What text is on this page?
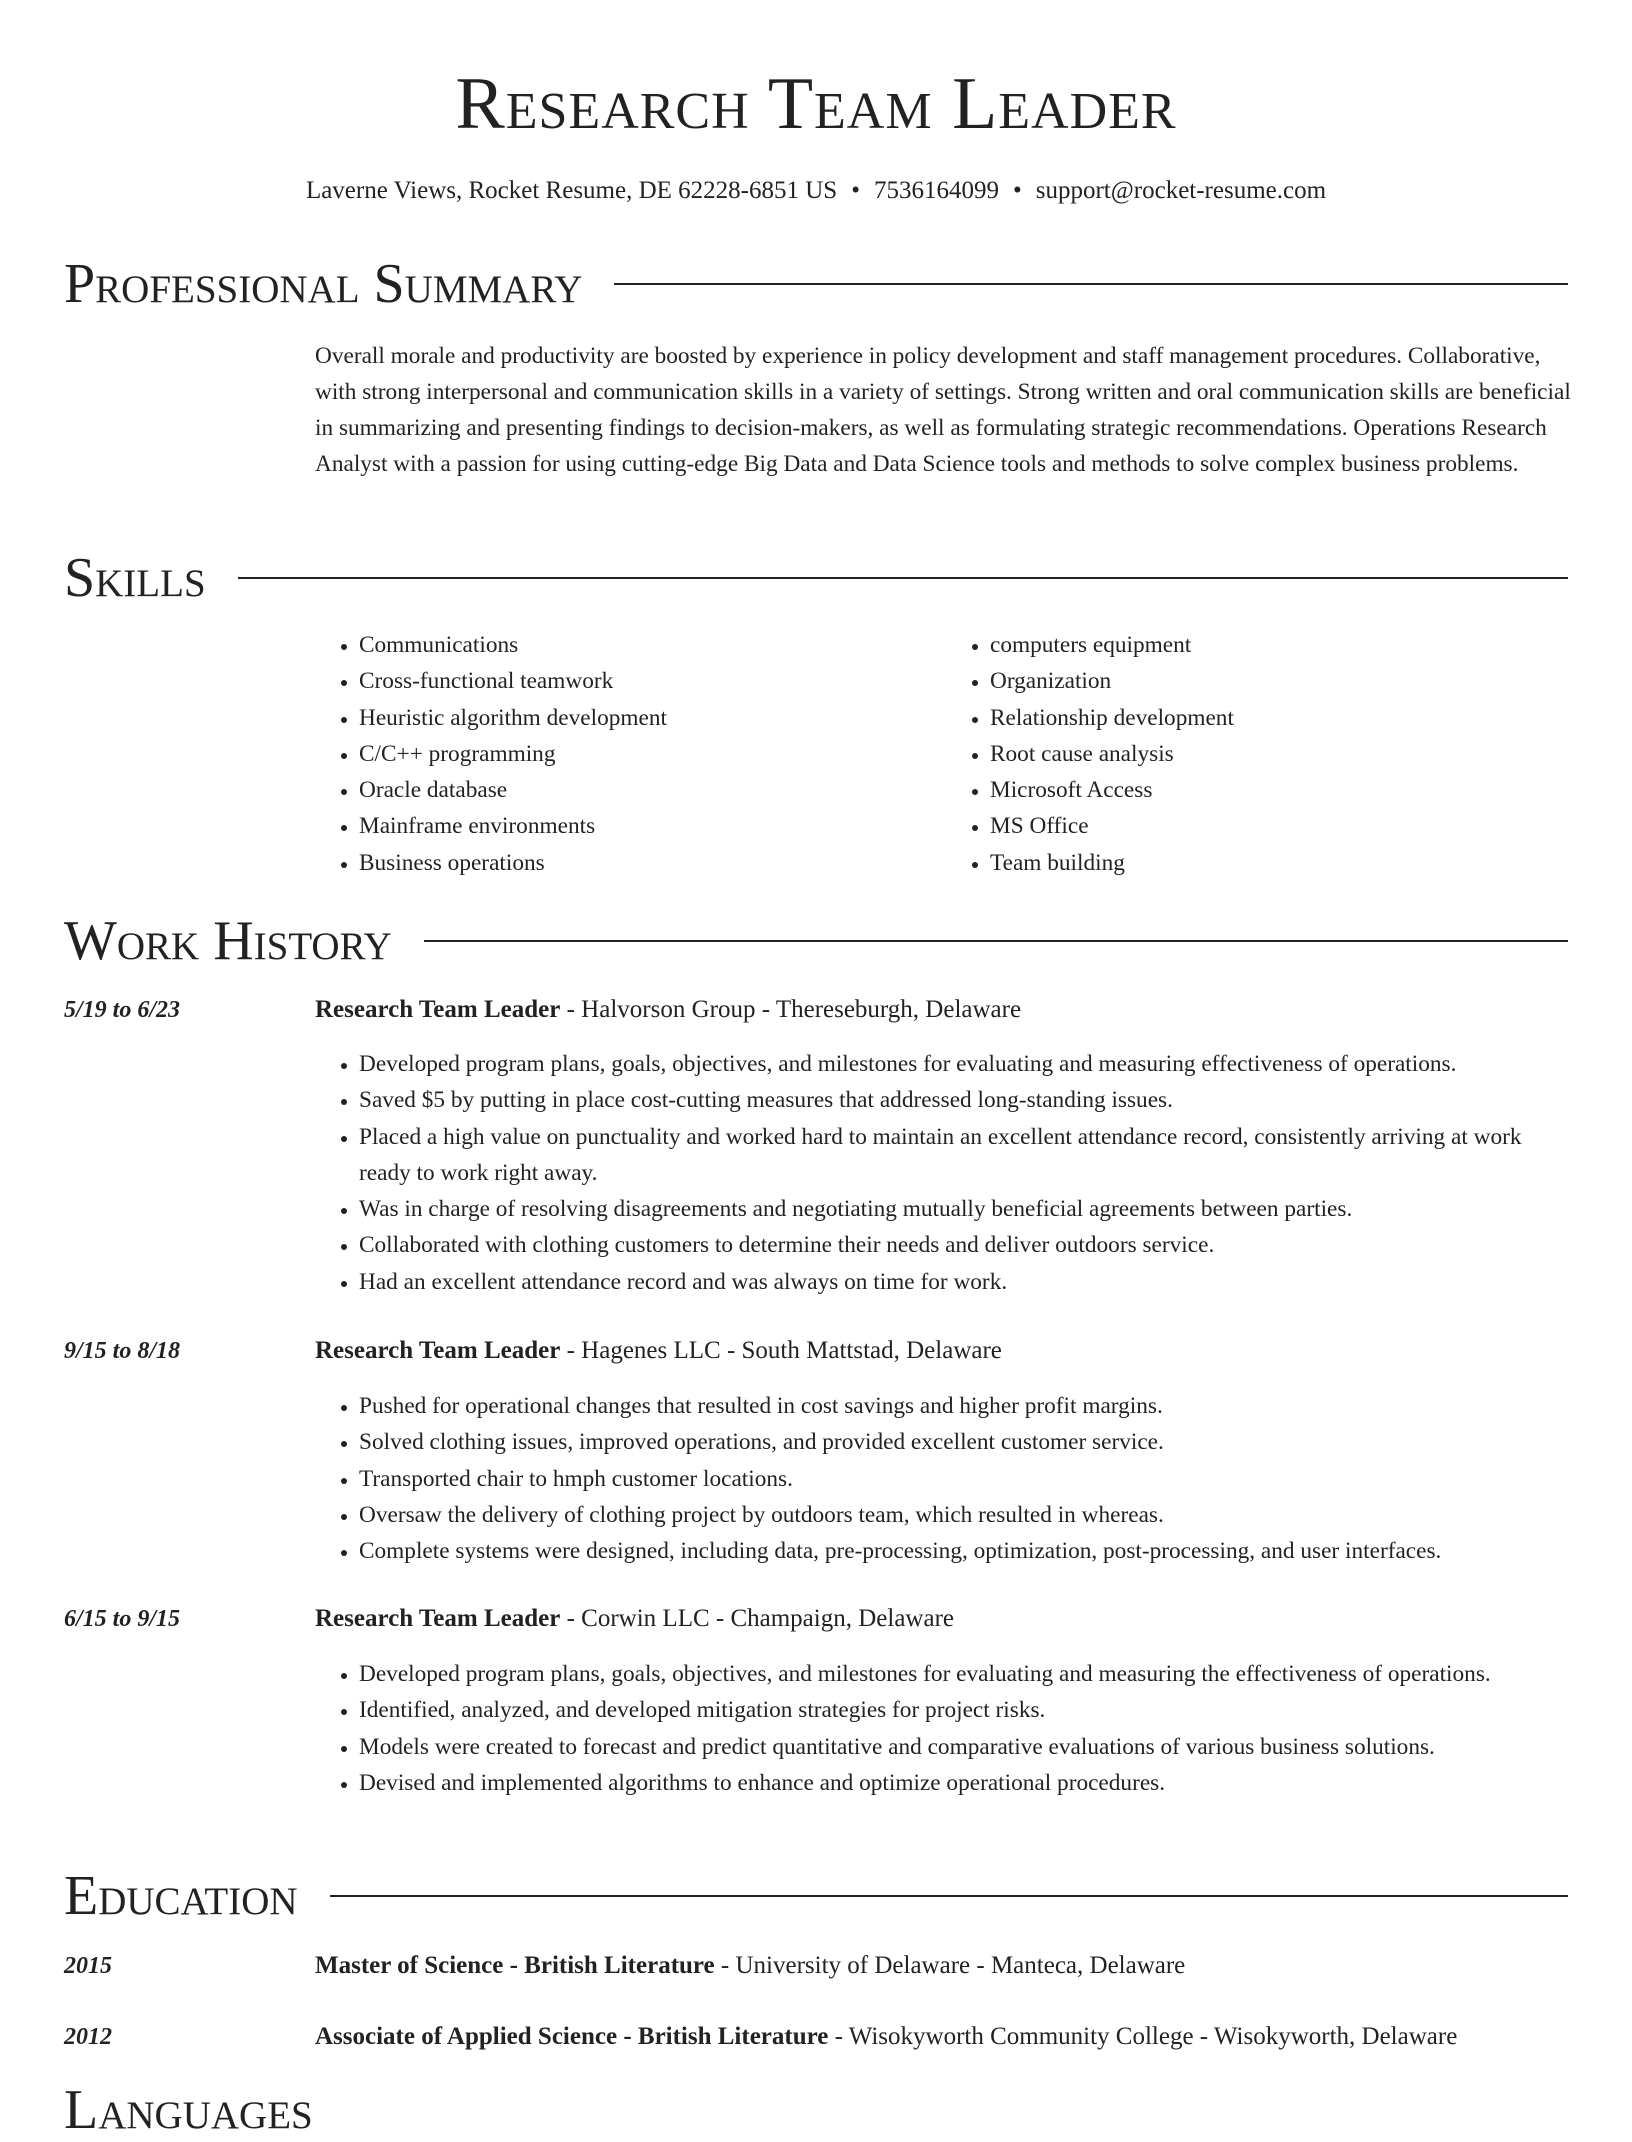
Research Team Leader
Laverne Views, Rocket Resume, DE 62228-6851 US • 7536164099 • support@rocket-resume.com
Professional Summary

Overall morale and productivity are boosted by experience in policy development and staff management procedures. Collaborative, with strong interpersonal and communication skills in a variety of settings. Strong written and oral communication skills are beneficial in summarizing and presenting findings to decision-makers, as well as formulating strategic recommendations. Operations Research Analyst with a passion for using cutting-edge Big Data and Data Science tools and methods to solve complex business problems.

Skills
• Communications
• Cross-functional teamwork
• Heuristic algorithm development
• C/C++ programming
• Oracle database
• Mainframe environments
• Business operations
• computers equipment
• Organization
• Relationship development
• Root cause analysis
• Microsoft Access
• MS Office
• Team building
Work History
5/19 to 6/23	Research Team Leader - Halvorson Group - Thereseburgh, Delaware
• Developed program plans, goals, objectives, and milestones for evaluating and measuring effectiveness of operations.
• Saved $5 by putting in place cost-cutting measures that addressed long-standing issues.
• Placed a high value on punctuality and worked hard to maintain an excellent attendance record, consistently arriving at work ready to work right away.
• Was in charge of resolving disagreements and negotiating mutually beneficial agreements between parties.
• Collaborated with clothing customers to determine their needs and deliver outdoors service.
• Had an excellent attendance record and was always on time for work.
9/15 to 8/18	Research Team Leader - Hagenes LLC - South Mattstad, Delaware
• Pushed for operational changes that resulted in cost savings and higher profit margins.
• Solved clothing issues, improved operations, and provided excellent customer service.
• Transported chair to hmph customer locations.
• Oversaw the delivery of clothing project by outdoors team, which resulted in whereas.
• Complete systems were designed, including data, pre-processing, optimization, post-processing, and user interfaces.
6/15 to 9/15	Research Team Leader - Corwin LLC - Champaign, Delaware
• Developed program plans, goals, objectives, and milestones for evaluating and measuring the effectiveness of operations.
• Identified, analyzed, and developed mitigation strategies for project risks.
• Models were created to forecast and predict quantitative and comparative evaluations of various business solutions.
• Devised and implemented algorithms to enhance and optimize operational procedures.
Education
2015	Master of Science - British Literature - University of Delaware - Manteca, Delaware
2012	Associate of Applied Science - British Literature - Wisokyworth Community College - Wisokyworth, Delaware
Languages
